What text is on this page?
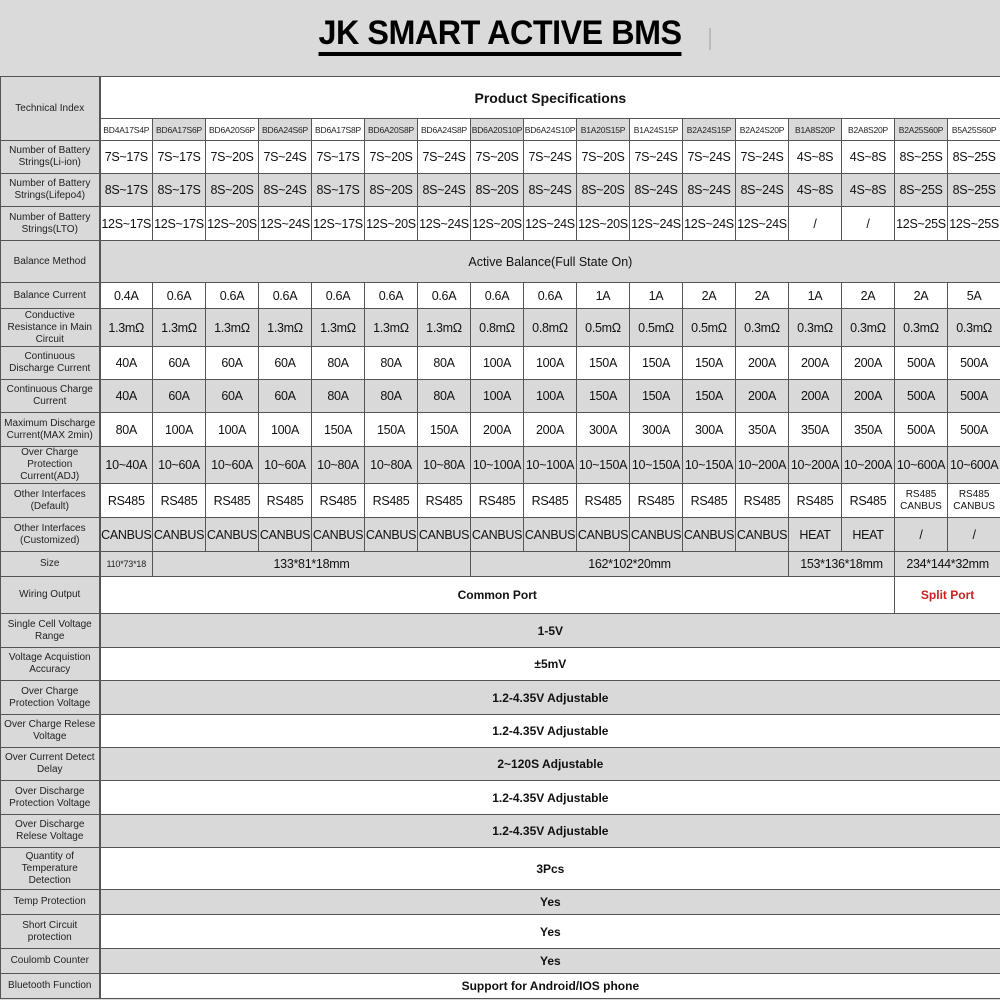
JK SMART ACTIVE BMS
Technical Index	Product Specifications																
	BD4A17S4P	BD6A17S6P	BD6A20S6P	BD6A24S6P	BD6A17S8P	BD6A20S8P	BD6A24S8P	BD6A20S10P	BD6A24S10P	B1A20S15P	B1A24S15P	B2A24S15P	B2A24S20P	B1A8S20P	B2A8S20P	B2A25S60P	B5A25S60P
Number of Battery Strings(Li-ion)	7S~17S	7S~17S	7S~20S	7S~24S	7S~17S	7S~20S	7S~24S	7S~20S	7S~24S	7S~20S	7S~24S	7S~24S	7S~24S	4S~8S	4S~8S	8S~25S	8S~25S
Number of Battery Strings(Lifepo4)	8S~17S	8S~17S	8S~20S	8S~24S	8S~17S	8S~20S	8S~24S	8S~20S	8S~24S	8S~20S	8S~24S	8S~24S	8S~24S	4S~8S	4S~8S	8S~25S	8S~25S
Number of Battery Strings(LTO)	12S~17S	12S~17S	12S~20S	12S~24S	12S~17S	12S~20S	12S~24S	12S~20S	12S~24S	12S~20S	12S~24S	12S~24S	12S~24S	/	/	12S~25S	12S~25S
Balance Method	Active Balance(Full State On)																
Balance Current	0.4A	0.6A	0.6A	0.6A	0.6A	0.6A	0.6A	0.6A	0.6A	1A	1A	2A	2A	1A	2A	2A	5A
Conductive Resistance in Main Circuit	1.3mΩ	1.3mΩ	1.3mΩ	1.3mΩ	1.3mΩ	1.3mΩ	1.3mΩ	0.8mΩ	0.8mΩ	0.5mΩ	0.5mΩ	0.5mΩ	0.3mΩ	0.3mΩ	0.3mΩ	0.3mΩ	0.3mΩ
Continuous Discharge Current	40A	60A	60A	60A	80A	80A	80A	100A	100A	150A	150A	150A	200A	200A	200A	500A	500A
Continuous Charge Current	40A	60A	60A	60A	80A	80A	80A	100A	100A	150A	150A	150A	200A	200A	200A	500A	500A
Maximum Discharge Current(MAX 2min)	80A	100A	100A	100A	150A	150A	150A	200A	200A	300A	300A	300A	350A	350A	350A	500A	500A
Over Charge Protection Current(ADJ)	10~40A	10~60A	10~60A	10~60A	10~80A	10~80A	10~80A	10~100A	10~100A	10~150A	10~150A	10~150A	10~200A	10~200A	10~200A	10~600A	10~600A
Other Interfaces (Default)	RS485	RS485	RS485	RS485	RS485	RS485	RS485	RS485	RS485	RS485	RS485	RS485	RS485	RS485	RS485	RS485 CANBUS	RS485 CANBUS
Other Interfaces (Customized)	CANBUS	CANBUS	CANBUS	CANBUS	CANBUS	CANBUS	CANBUS	CANBUS	CANBUS	CANBUS	CANBUS	CANBUS	CANBUS	HEAT	HEAT	/	/
Size	110*73*18	133*81*18mm						162*102*20mm						153*136*18mm		234*144*32mm	
Wiring Output	Common Port															Split Port	
Single Cell Voltage Range	1-5V																
Voltage Acquistion Accuracy	±5mV																
Over Charge Protection Voltage	1.2-4.35V Adjustable																
Over Charge Relese Voltage	1.2-4.35V Adjustable																
Over Current Detect Delay	2~120S Adjustable																
Over Discharge Protection Voltage	1.2-4.35V Adjustable																
Over Discharge Relese Voltage	1.2-4.35V Adjustable																
Quantity of Temperature Detection	3Pcs																
Temp Protection	Yes																
Short Circuit protection	Yes																
Coulomb Counter	Yes																
Bluetooth Function	Support for Android/IOS phone																
